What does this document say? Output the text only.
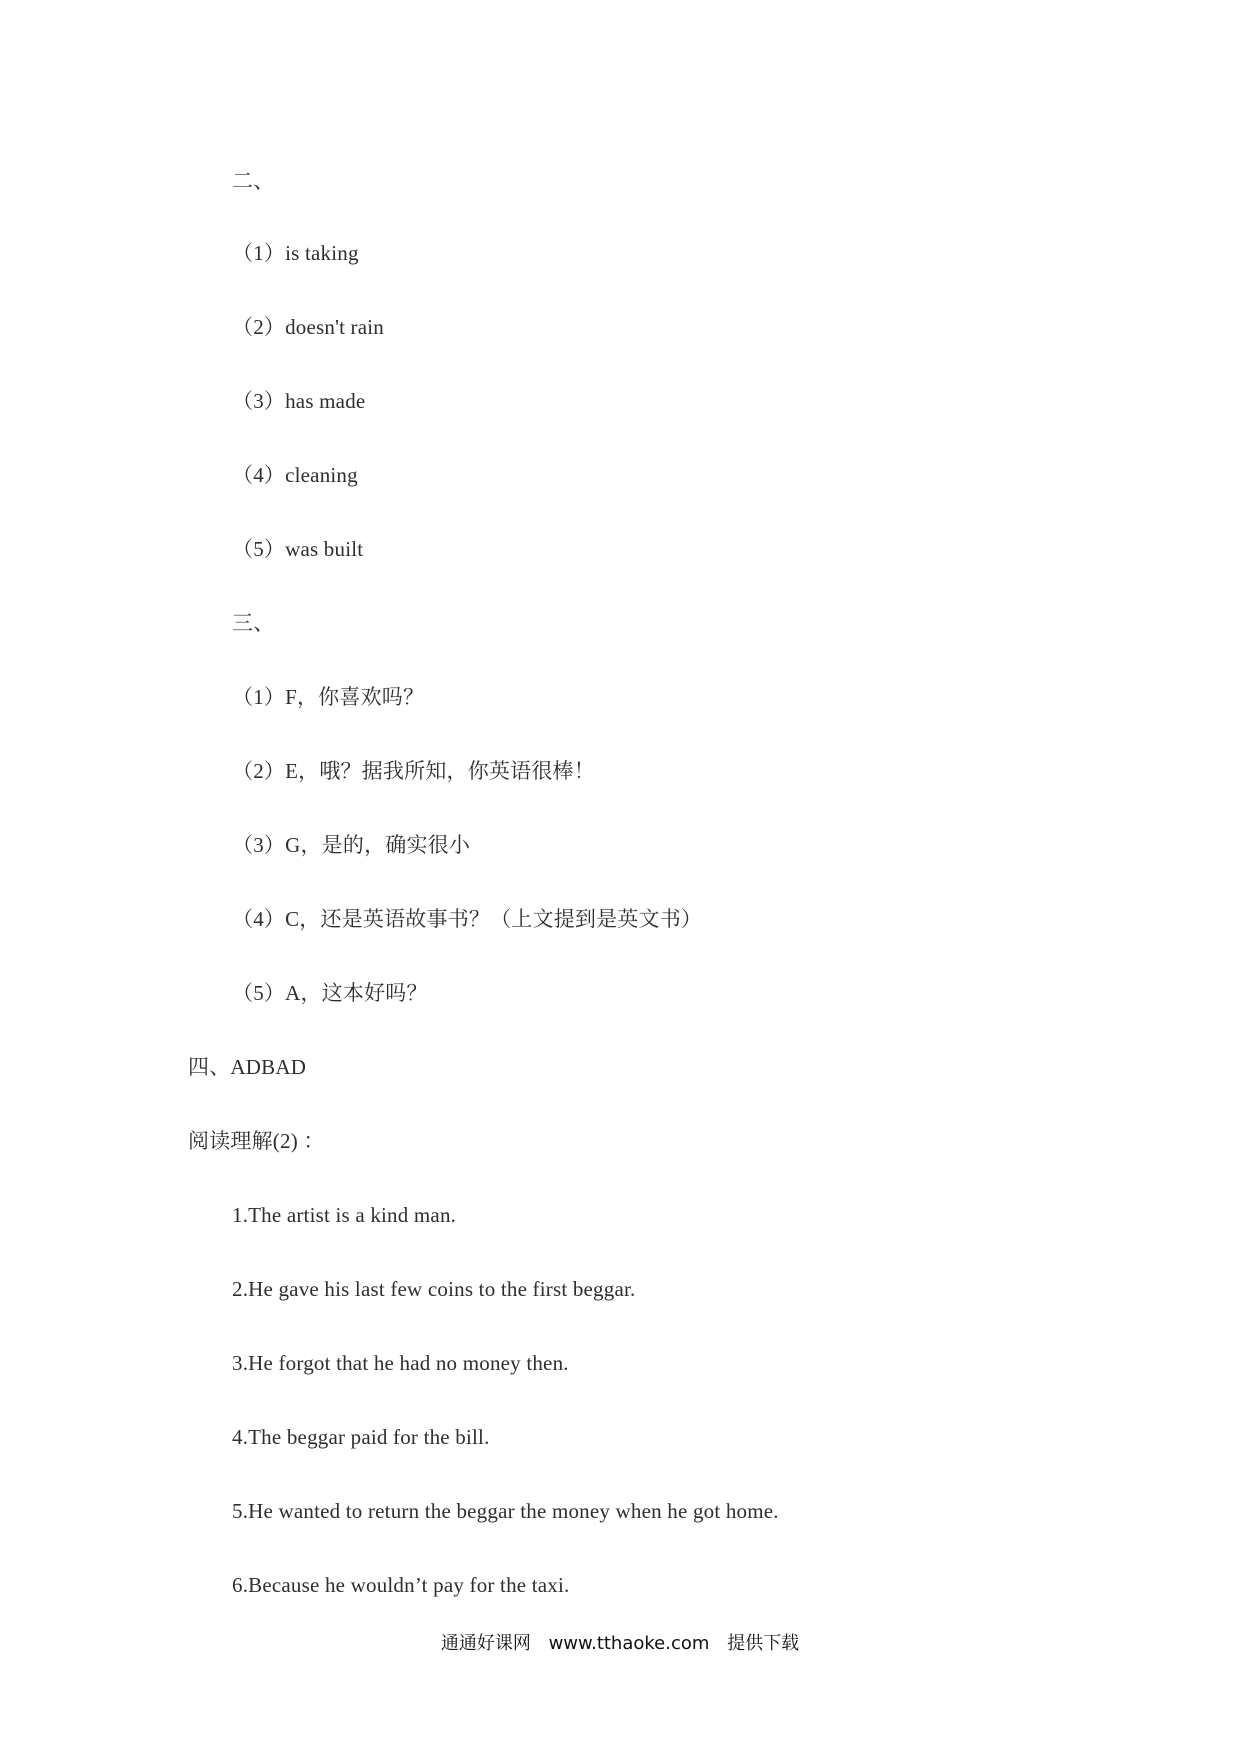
二、
（1）is taking
（2）doesn't rain
（3）has made
（4）cleaning
（5）was built
三、
（1）F，你喜欢吗？
（2）E，哦？据我所知，你英语很棒！
（3）G，是的，确实很小
（4）C，还是英语故事书？（上文提到是英文书）
（5）A，这本好吗？
四、ADBAD
阅读理解(2) ：
1.The artist is a kind man.
2.He gave his last few coins to the first beggar.
3.He forgot that he had no money then.
4.The beggar paid for the bill.
5.He wanted to return the beggar the money when he got home.
6.Because he wouldn’t pay for the taxi.
通通好课网 www.tthaoke.com 提供下载
